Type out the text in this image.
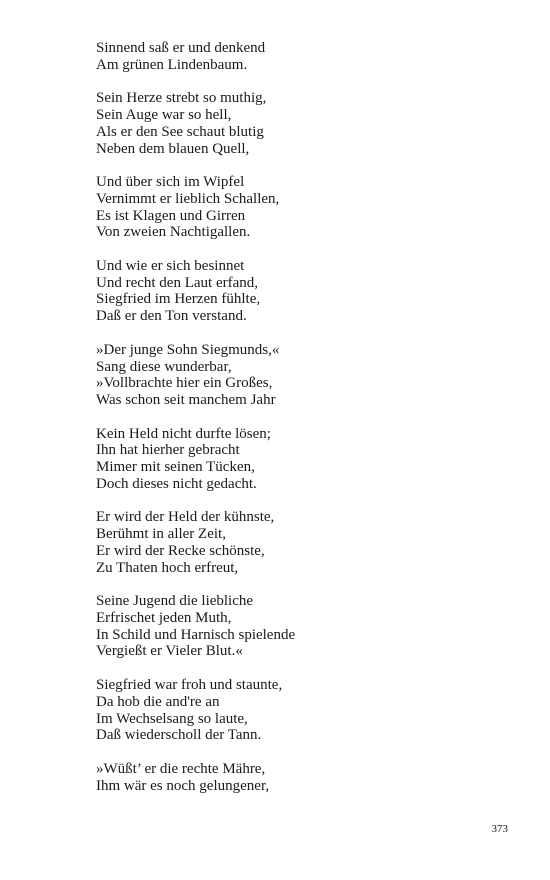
Sinnend saß er und denkend
Am grünen Lindenbaum.
Sein Herze strebt so muthig,
Sein Auge war so hell,
Als er den See schaut blutig
Neben dem blauen Quell,
Und über sich im Wipfel
Vernimmt er lieblich Schallen,
Es ist Klagen und Girren
Von zweien Nachtigallen.
Und wie er sich besinnet
Und recht den Laut erfand,
Siegfried im Herzen fühlte,
Daß er den Ton verstand.
»Der junge Sohn Siegmunds,«
Sang diese wunderbar,
»Vollbrachte hier ein Großes,
Was schon seit manchem Jahr
Kein Held nicht durfte lösen;
Ihn hat hierher gebracht
Mimer mit seinen Tücken,
Doch dieses nicht gedacht.
Er wird der Held der kühnste,
Berühmt in aller Zeit,
Er wird der Recke schönste,
Zu Thaten hoch erfreut,
Seine Jugend die liebliche
Erfrischet jeden Muth,
In Schild und Harnisch spielende
Vergießt er Vieler Blut.«
Siegfried war froh und staunte,
Da hob die and're an
Im Wechselsang so laute,
Daß wiederscholl der Tann.
»Wüßt’ er die rechte Mähre,
Ihm wär es noch gelungener,
373
